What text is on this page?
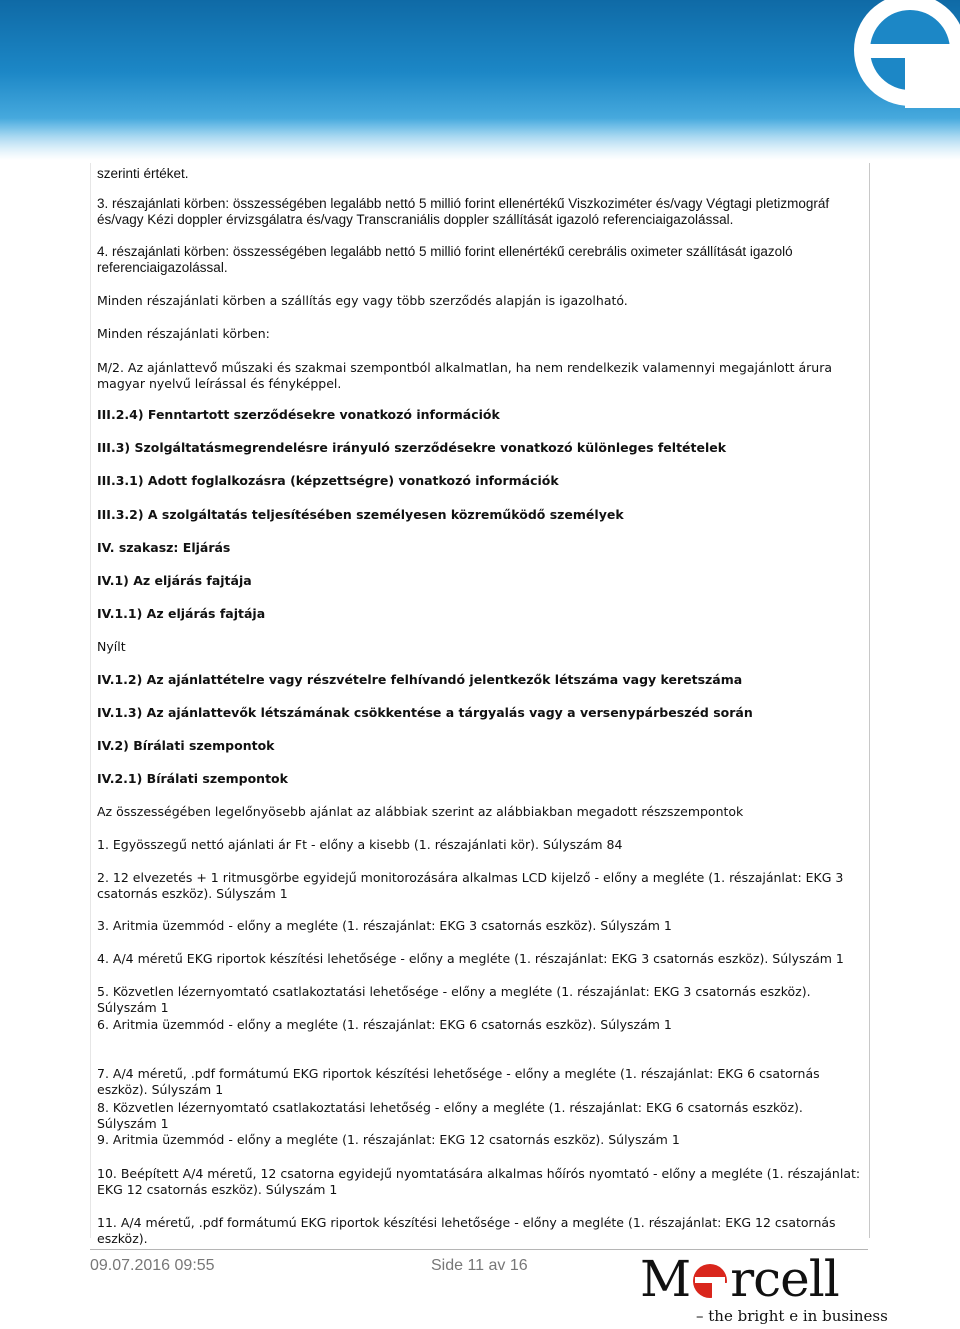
szerinti értéket.

3. részajánlati körben: összességében legalább nettó 5 millió forint ellenértékű Viszkoziméter és/vagy Végtagi pletizmográf és/vagy Kézi doppler érvizsgálatra és/vagy Transcraniális doppler szállítását igazoló referenciaigazolással.

4. részajánlati körben: összességében legalább nettó 5 millió forint ellenértékű cerebrális oximeter szállítását igazoló referenciaigazolással.

Minden részajánlati körben a szállítás egy vagy több szerződés alapján is igazolható.

Minden részajánlati körben:

M/2. Az ajánlattevő műszaki és szakmai szempontból alkalmatlan, ha nem rendelkezik valamennyi megajánlott árura magyar nyelvű leírással és fényképpel.

III.2.4) Fenntartott szerződésekre vonatkozó információk

III.3) Szolgáltatásmegrendelésre irányuló szerződésekre vonatkozó különleges feltételek

III.3.1) Adott foglalkozásra (képzettségre) vonatkozó információk

III.3.2) A szolgáltatás teljesítésében személyesen közreműködő személyek

IV. szakasz: Eljárás

IV.1) Az eljárás fajtája

IV.1.1) Az eljárás fajtája

Nyílt

IV.1.2) Az ajánlattételre vagy részvételre felhívandó jelentkezők létszáma vagy keretszáma

IV.1.3) Az ajánlattevők létszámának csökkentése a tárgyalás vagy a versenypárbeszéd során

IV.2) Bírálati szempontok

IV.2.1) Bírálati szempontok

Az összességében legelőnyösebb ajánlat az alábbiak szerint az alábbiakban megadott részszempontok

1. Egyösszegű nettó ajánlati ár Ft - előny a kisebb (1. részajánlati kör). Súlyszám 84

2. 12 elvezetés + 1 ritmusgörbe egyidejű monitorozására alkalmas LCD kijelző - előny a megléte (1. részajánlat: EKG 3 csatornás eszköz). Súlyszám 1

3. Aritmia üzemmód - előny a megléte (1. részajánlat: EKG 3 csatornás eszköz). Súlyszám 1

4. A/4 méretű EKG riportok készítési lehetősége - előny a megléte (1. részajánlat: EKG 3 csatornás eszköz). Súlyszám 1

5. Közvetlen lézernyomtató csatlakoztatási lehetősége - előny a megléte (1. részajánlat: EKG 3 csatornás eszköz). Súlyszám 1

6. Aritmia üzemmód - előny a megléte (1. részajánlat: EKG 6 csatornás eszköz). Súlyszám 1

7. A/4 méretű, .pdf formátumú EKG riportok készítési lehetősége - előny a megléte (1. részajánlat: EKG 6 csatornás eszköz). Súlyszám 1

8. Közvetlen lézernyomtató csatlakoztatási lehetőség - előny a megléte (1. részajánlat: EKG 6 csatornás eszköz). Súlyszám 1

9. Aritmia üzemmód - előny a megléte (1. részajánlat: EKG 12 csatornás eszköz). Súlyszám 1

10. Beépített A/4 méretű, 12 csatorna egyidejű nyomtatására alkalmas hőírós nyomtató - előny a megléte (1. részajánlat: EKG 12 csatornás eszköz). Súlyszám 1

11. A/4 méretű, .pdf formátumú EKG riportok készítési lehetősége - előny a megléte (1. részajánlat: EKG 12 csatornás eszköz).

09.07.2016 09:55	Side 11 av 16 M rcell
– the bright e in business
